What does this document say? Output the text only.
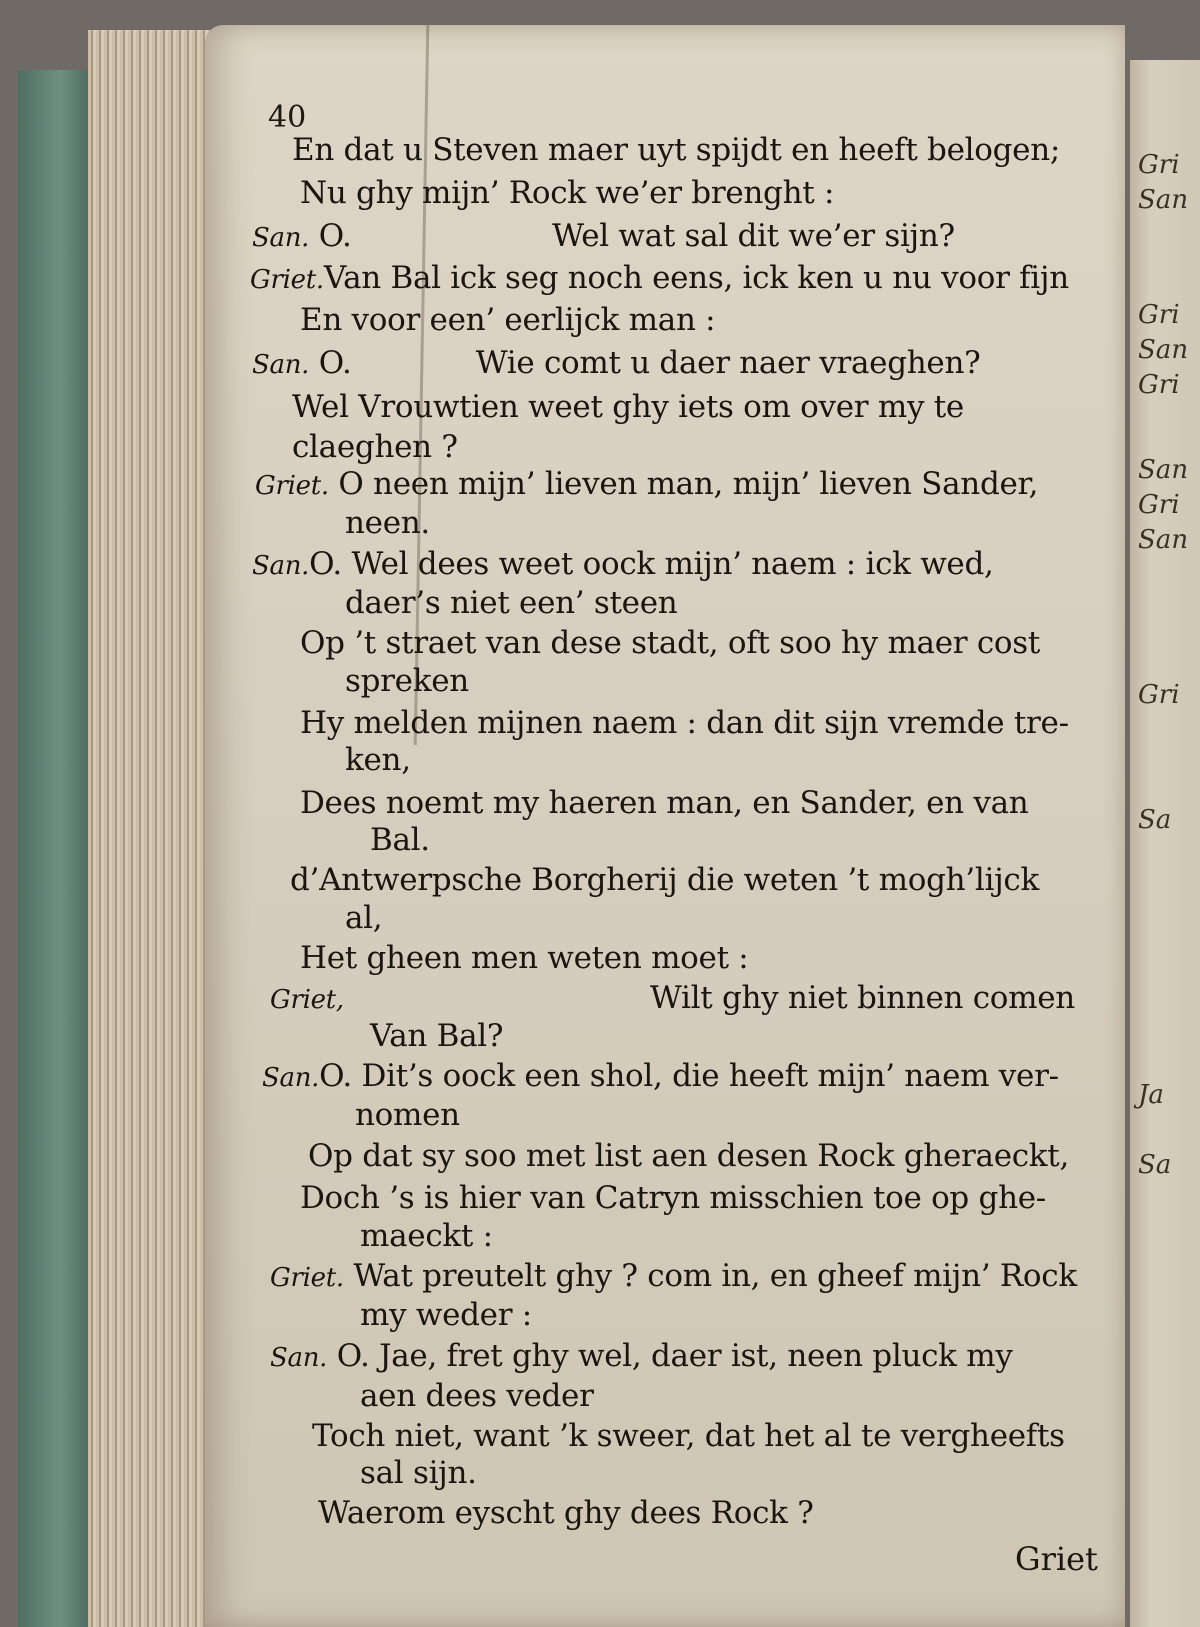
Gri
San
Gri
San
Gri
San
Gri
San
Gri
Sa
Ja
Sa
40
En dat u Steven maer uyt spijdt en heeft belogen;
Nu ghy mijn’ Rock we’er brenght :
San. O.                     Wel wat sal dit we’er sijn?
Griet.Van Bal ick seg noch eens, ick ken u nu voor fijn
En voor een’ eerlijck man :
San. O.             Wie comt u daer naer vraeghen?
Wel Vrouwtien weet ghy iets om over my te claeghen ?
Griet. O neen mijn’ lieven man, mijn’ lieven Sander,
neen.
San.O. Wel dees weet oock mijn’ naem : ick wed,
daer’s niet een’ steen
Op ’t straet van dese stadt, oft soo hy maer cost
spreken
Hy melden mijnen naem : dan dit sijn vremde tre-
ken,
Dees noemt my haeren man, en Sander, en van
Bal.
d’Antwerpsche Borgherij die weten ’t mogh’lijck
al,
Het gheen men weten moet :
Griet,	Wilt ghy niet binnen comen
Van Bal?
San.O. Dit’s oock een shol, die heeft mijn’ naem ver-
nomen
Op dat sy soo met list aen desen Rock gheraeckt,
Doch ’s is hier van Catryn misschien toe op ghe-
maeckt :
Griet. Wat preutelt ghy ? com in, en gheef mijn’ Rock
my weder :
San. O. Jae, fret ghy wel, daer ist, neen pluck my
aen dees veder
Toch niet, want ’k sweer, dat het al te vergheefts
sal sijn.
Waerom eyscht ghy dees Rock ?
Griet
